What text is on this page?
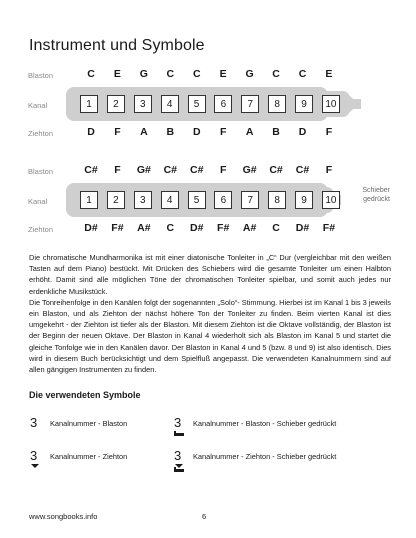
Instrument und Symbole
Blaston	C	E	G	C	C	E	G	C	C	E
Kanal	1	2	3	4	5	6	7	8	9	10
Ziehton	D	F	A	B	D	F	A	B	D	F
Blaston	C#	F	G#	C#	C#	F	G#	C#	C#	F
Kanal	1	2	3	4	5	6	7	8	9	10
Schieber
gedrückt
Ziehton	D#	F#	A#	C	D#	F#	A#	C	D#	F#

Die chromatische Mundharmonika ist mit einer diatonische Tonleiter in „C“ Dur (vergleichbar mit den weißen Tasten auf dem Piano) bestückt. Mit Drücken des Schiebers wird die gesamte Tonleiter um einen Halbton erhöht. Damit sind alle möglichen Töne der chromatischen Tonleiter spielbar, und somit auch jedes nur erdenkliche Musikstück.

Die Tonreihenfolge in den Kanälen folgt der sogenannten „Solo“- Stimmung. Hierbei ist im Kanal 1 bis 3 jeweils ein Blaston, und als Ziehton der nächst höhere Ton der Tonleiter zu finden. Beim vierten Kanal ist dies umgekehrt - der Ziehton ist tiefer als der Blaston. Mit diesem Ziehton ist die Oktave vollständig, der Blaston ist der Beginn der neuen Oktave. Der Blaston in Kanal 4 wiederholt sich als Blaston im Kanal 5 und startet die gleiche Tonfolge wie in den Kanälen davor. Der Blaston in Kanal 4 und 5 (bzw. 8 und 9) ist also identisch. Dies wird in diesem Buch berücksichtigt und dem Spielfluß angepasst. Die verwendeten Kanalnummern sind auf allen gängigen Instrumenten zu finden.

Die verwendeten Symbole
3 Kanalnummer - Blaston	3 Kanalnummer - Blaston - Schieber gedrückt
3 Kanalnummer - Ziehton	3 Kanalnummer - Ziehton - Schieber gedrückt
www.songbooks.info	6
